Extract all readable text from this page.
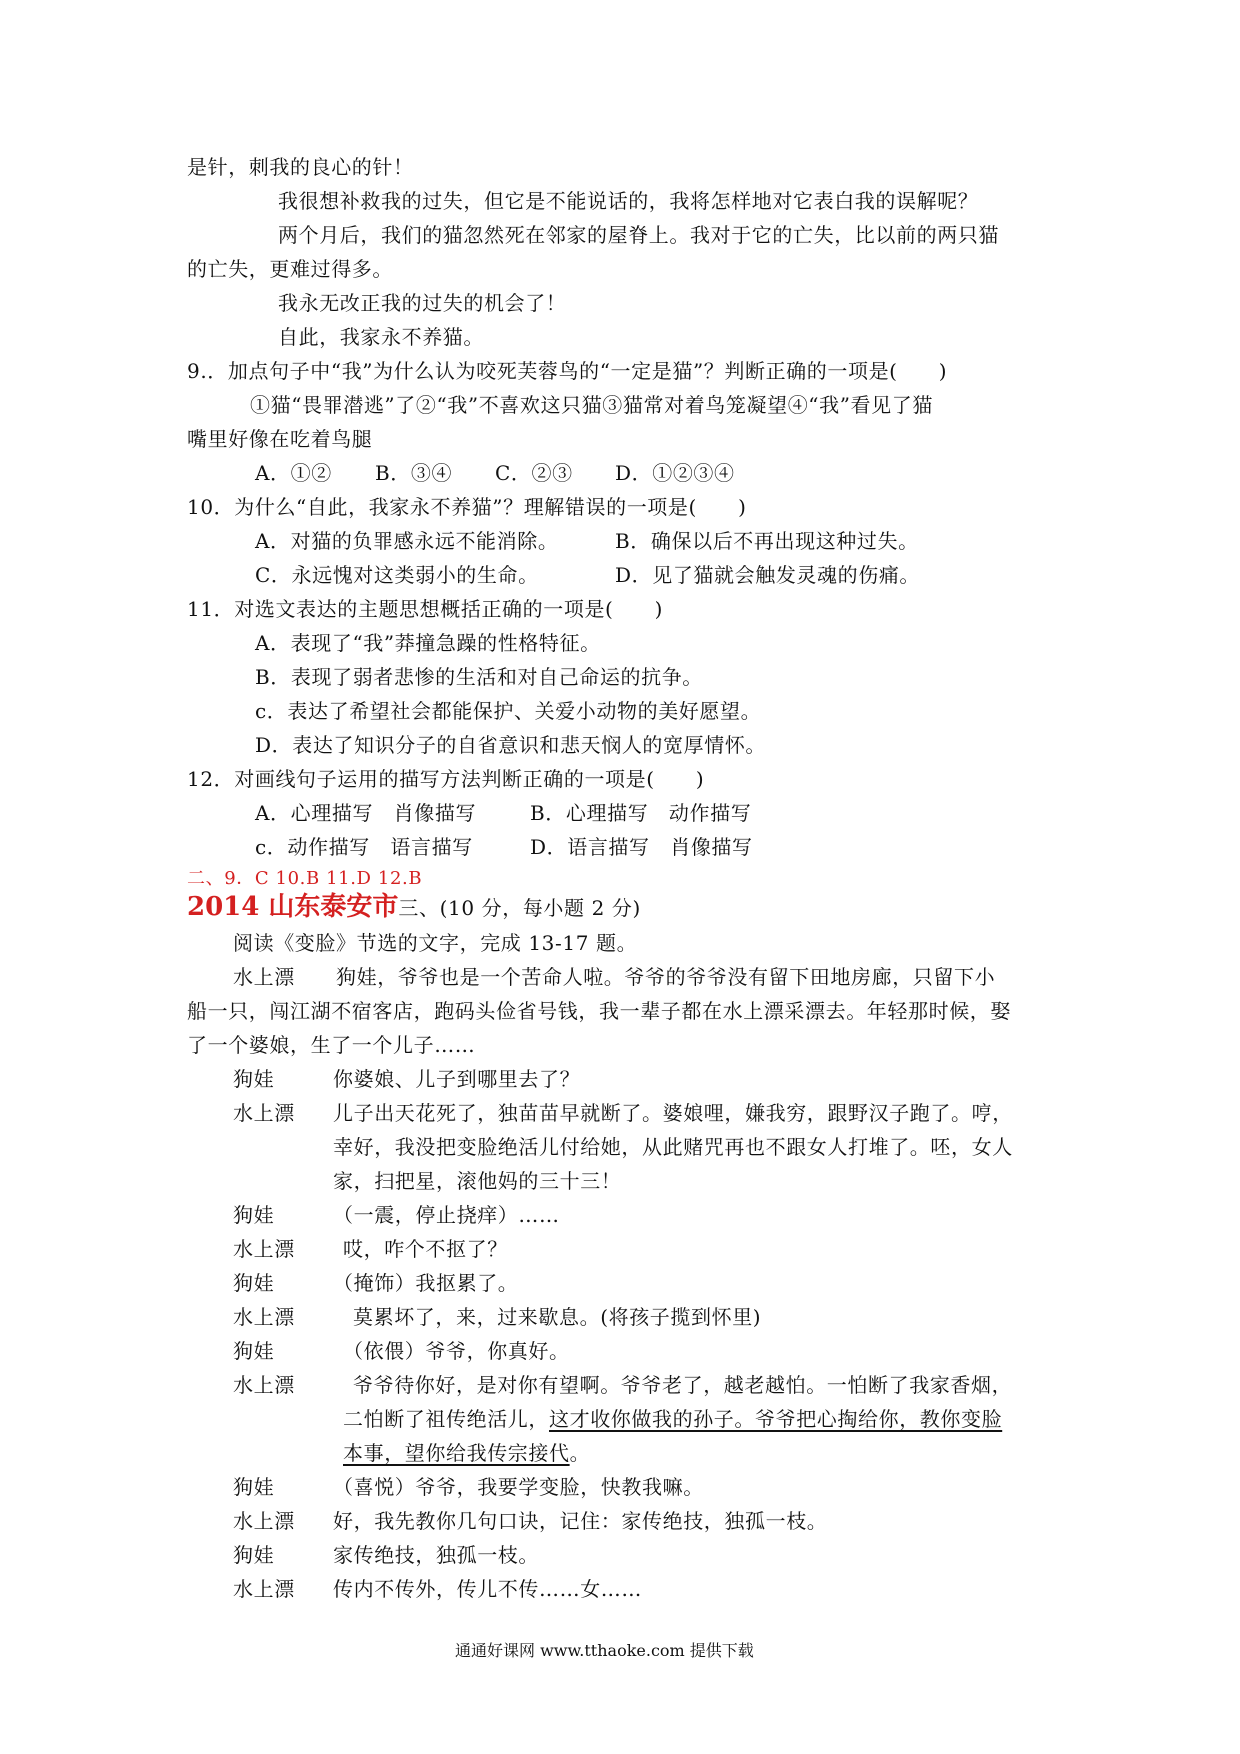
是针，刺我的良心的针！
我很想补救我的过失，但它是不能说话的，我将怎样地对它表白我的误解呢？
两个月后，我们的猫忽然死在邻家的屋脊上。我对于它的亡失，比以前的两只猫
的亡失，更难过得多。
我永无改正我的过失的机会了！
自此，我家永不养猫。
9.．加点句子中“我”为什么认为咬死芙蓉鸟的“一定是猫”？判断正确的一项是(　　)
①猫“畏罪潜逃”了②“我”不喜欢这只猫③猫常对着鸟笼凝望④“我”看见了猫
嘴里好像在吃着鸟腿
A．①② B．③④ C．②③ D．①②③④
10．为什么“自此，我家永不养猫”？理解错误的一项是(　　)
A．对猫的负罪感永远不能消除。	B．确保以后不再出现这种过失。
C．永远愧对这类弱小的生命。	D．见了猫就会触发灵魂的伤痛。
11．对选文表达的主题思想概括正确的一项是(　　)
A．表现了“我”莽撞急躁的性格特征。
B．表现了弱者悲惨的生活和对自己命运的抗争。
c．表达了希望社会都能保护、关爱小动物的美好愿望。
D．表达了知识分子的自省意识和悲天悯人的宽厚情怀。
12．对画线句子运用的描写方法判断正确的一项是(　　)
A．心理描写　肖像描写	B．心理描写　动作描写
c．动作描写　语言描写	D．语言描写　肖像描写
二、9．C 10.B 11.D 12.B
2014 山东泰安市三、(10 分，每小题 2 分)
阅读《变脸》节选的文字，完成 13-17 题。
水上漂　　狗娃，爷爷也是一个苦命人啦。爷爷的爷爷没有留下田地房廊，只留下小
船一只，闯江湖不宿客店，跑码头俭省号钱，我一辈子都在水上漂采漂去。年轻那时候，娶
了一个婆娘，生了一个儿子……
狗娃	你婆娘、儿子到哪里去了？
水上漂 儿子出天花死了，独苗苗早就断了。婆娘哩，嫌我穷，跟野汉子跑了。哼，
幸好，我没把变脸绝活儿付给她，从此赌咒再也不跟女人打堆了。呸，女人
家，扫把星，滚他妈的三十三！
狗娃	（一震，停止挠痒）……
水上漂 哎，咋个不抠了？
狗娃	（掩饰）我抠累了。
水上漂	莫累坏了，来，过来歇息。(将孩子揽到怀里)
狗娃	（依偎）爷爷，你真好。
水上漂	爷爷待你好，是对你有望啊。爷爷老了，越老越怕。一怕断了我家香烟，
二怕断了祖传绝活儿，这才收你做我的孙子。爷爷把心掏给你，教你变脸
本事，望你给我传宗接代。
狗娃	（喜悦）爷爷，我要学变脸，快教我嘛。
水上漂 好，我先教你几句口诀，记住：家传绝技，独孤一枝。
狗娃	家传绝技，独孤一枝。
水上漂 传内不传外，传儿不传……女……
通通好课网 www.tthaoke.com 提供下载
